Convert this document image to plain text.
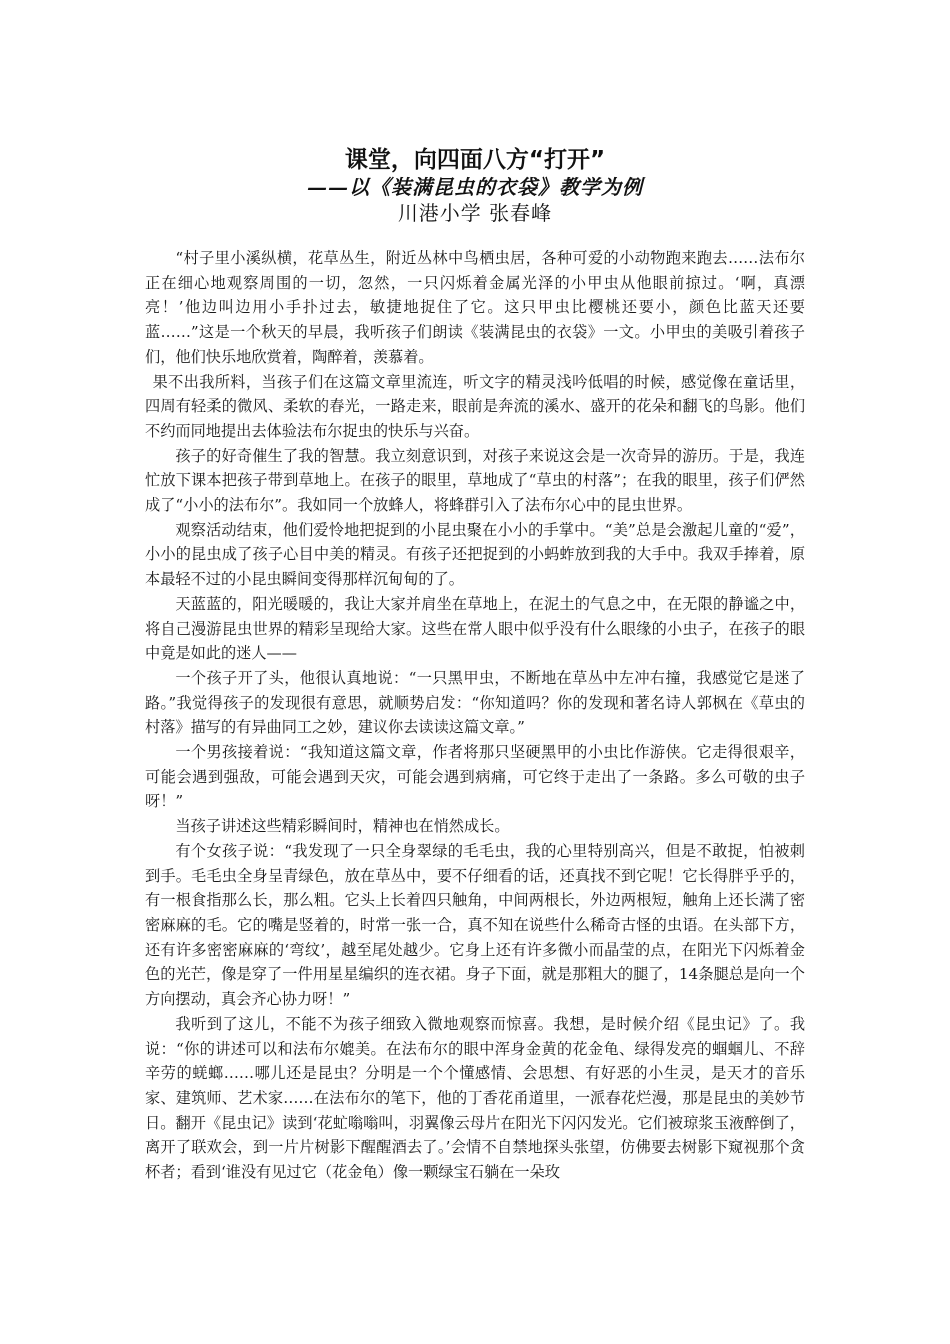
课堂，向四面八方“打开”
——以《装满昆虫的衣袋》教学为例
川港小学 张春峰

“村子里小溪纵横，花草丛生，附近丛林中鸟栖虫居，各种可爱的小动物跑来跑去……法布尔正在细心地观察周围的一切，忽然，一只闪烁着金属光泽的小甲虫从他眼前掠过。‘啊，真漂亮！’他边叫边用小手扑过去，敏捷地捉住了它。这只甲虫比樱桃还要小，颜色比蓝天还要蓝……”这是一个秋天的早晨，我听孩子们朗读《装满昆虫的衣袋》一文。小甲虫的美吸引着孩子们，他们快乐地欣赏着，陶醉着，羡慕着。

果不出我所料，当孩子们在这篇文章里流连，听文字的精灵浅吟低唱的时候，感觉像在童话里，四周有轻柔的微风、柔软的春光，一路走来，眼前是奔流的溪水、盛开的花朵和翻飞的鸟影。他们不约而同地提出去体验法布尔捉虫的快乐与兴奋。

孩子的好奇催生了我的智慧。我立刻意识到，对孩子来说这会是一次奇异的游历。于是，我连忙放下课本把孩子带到草地上。在孩子的眼里，草地成了“草虫的村落”；在我的眼里，孩子们俨然成了“小小的法布尔”。我如同一个放蜂人，将蜂群引入了法布尔心中的昆虫世界。

观察活动结束，他们爱怜地把捉到的小昆虫聚在小小的手掌中。“美”总是会激起儿童的“爱”，小小的昆虫成了孩子心目中美的精灵。有孩子还把捉到的小蚂蚱放到我的大手中。我双手捧着，原本最轻不过的小昆虫瞬间变得那样沉甸甸的了。

天蓝蓝的，阳光暖暖的，我让大家并肩坐在草地上，在泥土的气息之中，在无限的静谧之中，将自己漫游昆虫世界的精彩呈现给大家。这些在常人眼中似乎没有什么眼缘的小虫子，在孩子的眼中竟是如此的迷人——

一个孩子开了头，他很认真地说：“一只黑甲虫，不断地在草丛中左冲右撞，我感觉它是迷了路。”我觉得孩子的发现很有意思，就顺势启发：“你知道吗？你的发现和著名诗人郭枫在《草虫的村落》描写的有异曲同工之妙，建议你去读读这篇文章。”

一个男孩接着说：“我知道这篇文章，作者将那只坚硬黑甲的小虫比作游侠。它走得很艰辛，可能会遇到强敌，可能会遇到天灾，可能会遇到病痛，可它终于走出了一条路。多么可敬的虫子呀！”

当孩子讲述这些精彩瞬间时，精神也在悄然成长。

有个女孩子说：“我发现了一只全身翠绿的毛毛虫，我的心里特别高兴，但是不敢捉，怕被刺到手。毛毛虫全身呈青绿色，放在草丛中，要不仔细看的话，还真找不到它呢！它长得胖乎乎的，有一根食指那么长，那么粗。它头上长着四只触角，中间两根长，外边两根短，触角上还长满了密密麻麻的毛。它的嘴是竖着的，时常一张一合，真不知在说些什么稀奇古怪的虫语。在头部下方，还有许多密密麻麻的‘弯纹’，越至尾处越少。它身上还有许多微小而晶莹的点，在阳光下闪烁着金色的光芒，像是穿了一件用星星编织的连衣裙。身子下面，就是那粗大的腿了，14条腿总是向一个方向摆动，真会齐心协力呀！”

我听到了这儿，不能不为孩子细致入微地观察而惊喜。我想，是时候介绍《昆虫记》了。我说：“你的讲述可以和法布尔媲美。在法布尔的眼中浑身金黄的花金龟、绿得发亮的蝈蝈儿、不辞辛劳的蜣螂……哪儿还是昆虫？分明是一个个懂感情、会思想、有好恶的小生灵，是天才的音乐家、建筑师、艺术家……在法布尔的笔下，他的丁香花甬道里，一派春花烂漫，那是昆虫的美妙节日。翻开《昆虫记》读到‘花虻嗡嗡叫，羽翼像云母片在阳光下闪闪发光。它们被琼浆玉液醉倒了，离开了联欢会，到一片片树影下醒醒酒去了。’会情不自禁地探头张望，仿佛要去树影下窥视那个贪杯者；看到‘谁没有见过它（花金龟）像一颗绿宝石躺在一朵玫
